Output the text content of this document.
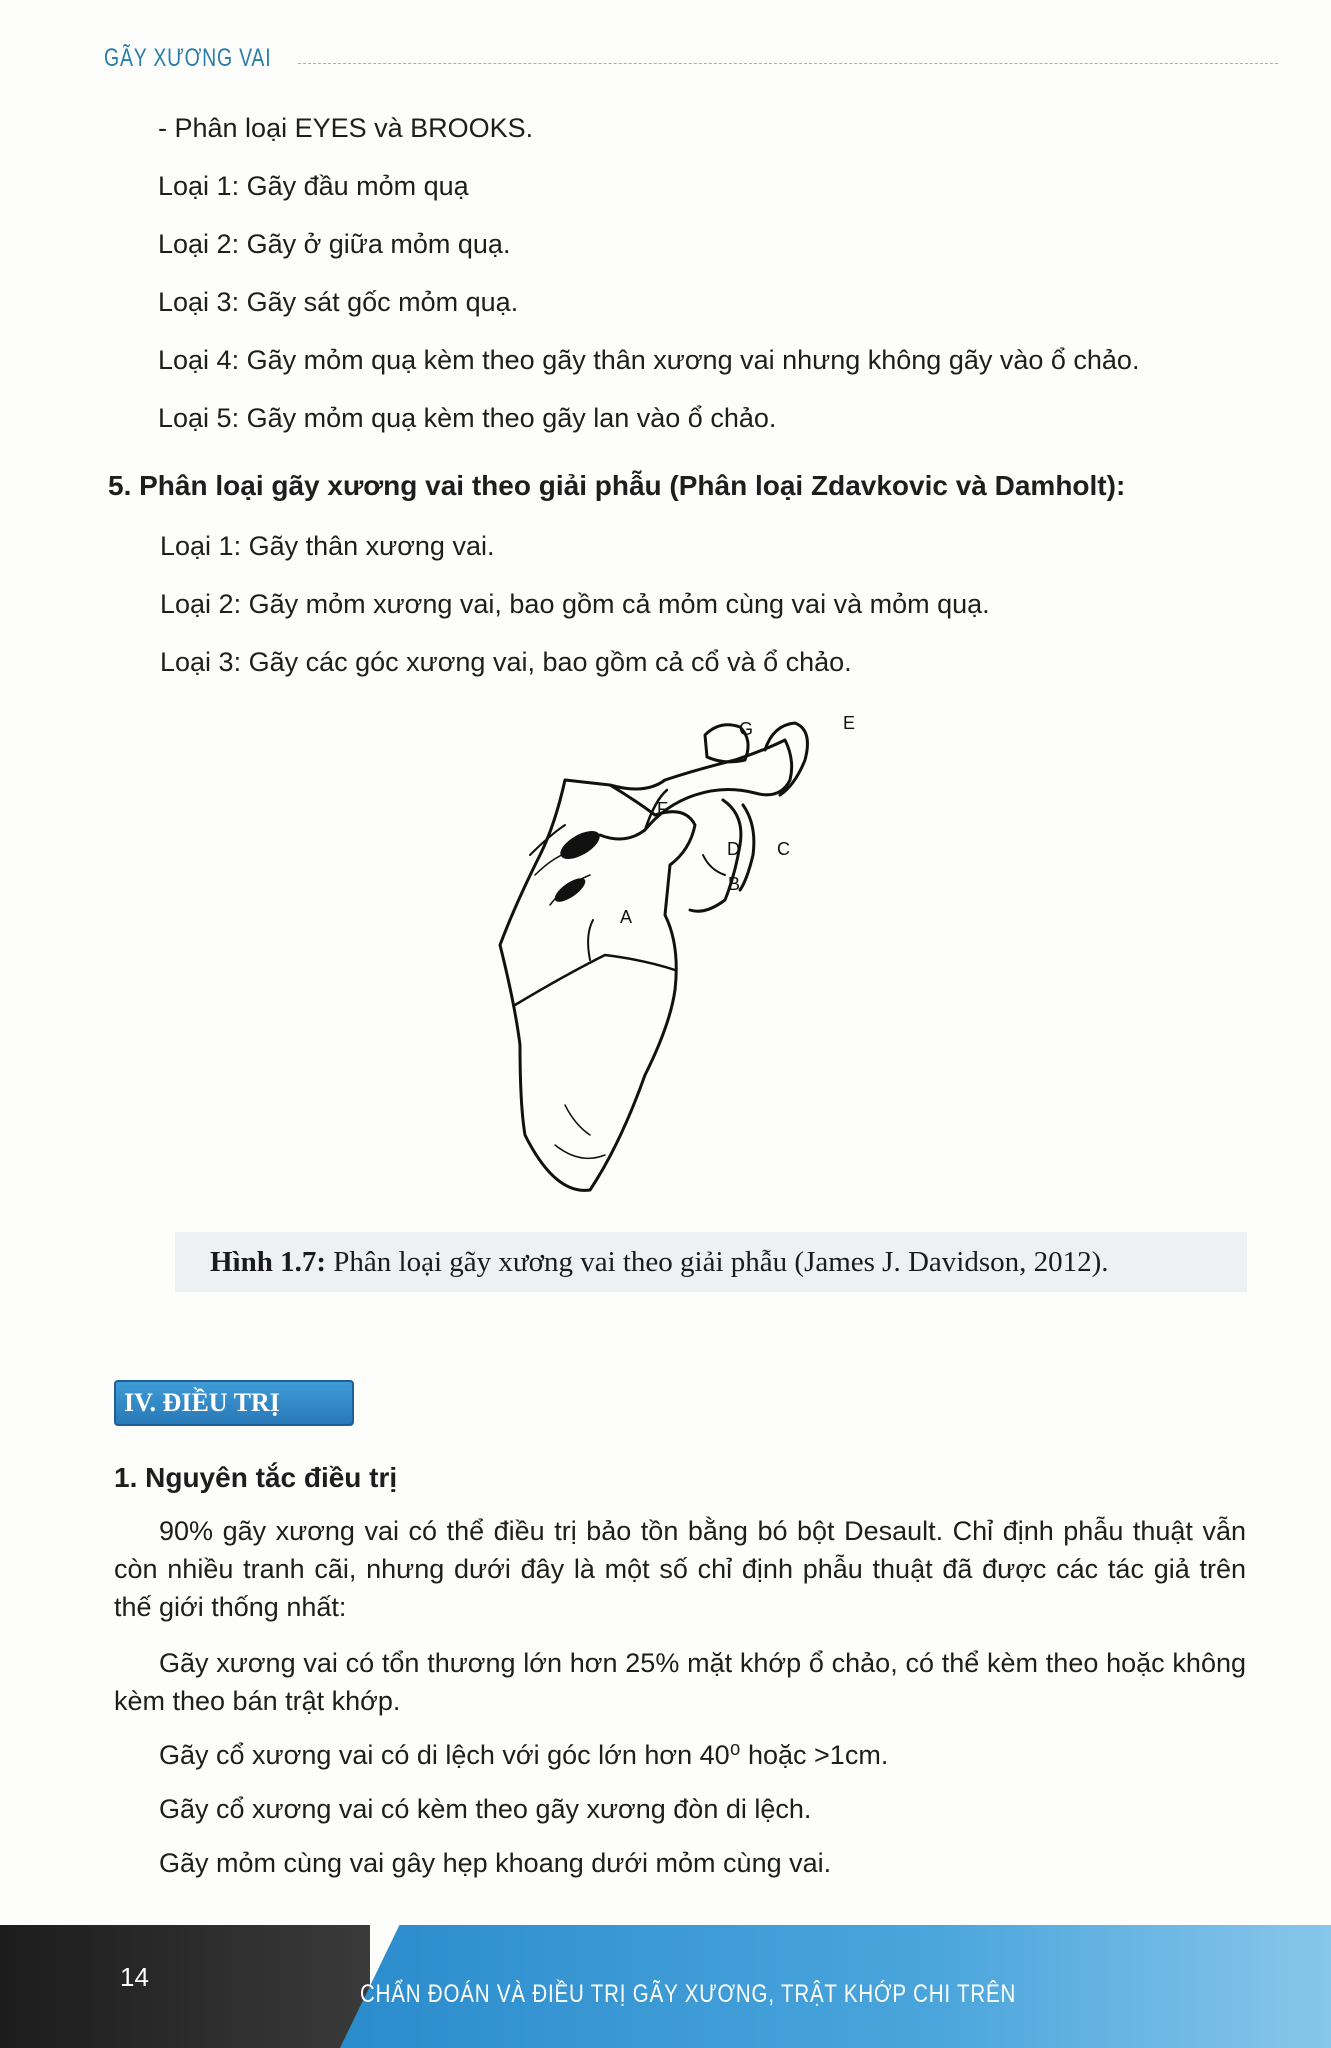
GÃY XƯƠNG VAI
- Phân loại EYES và BROOKS.
Loại 1: Gãy đầu mỏm quạ
Loại 2: Gãy ở giữa mỏm quạ.
Loại 3: Gãy sát gốc mỏm quạ.
Loại 4: Gãy mỏm quạ kèm theo gãy thân xương vai nhưng không gãy vào ổ chảo.
Loại 5: Gãy mỏm quạ kèm theo gãy lan vào ổ chảo.
5. Phân loại gãy xương vai theo giải phẫu (Phân loại Zdavkovic và Damholt):
Loại 1: Gãy thân xương vai.
Loại 2: Gãy mỏm xương vai, bao gồm cả mỏm cùng vai và mỏm quạ.
Loại 3: Gãy các góc xương vai, bao gồm cả cổ và ổ chảo.
A
B
C
D
E
F
G
Hình 1.7: Phân loại gãy xương vai theo giải phẫu (James J. Davidson, 2012).
IV. ĐIỀU TRỊ
1. Nguyên tắc điều trị
90% gãy xương vai có thể điều trị bảo tồn bằng bó bột Desault. Chỉ định phẫu thuật vẫn còn nhiều tranh cãi, nhưng dưới đây là một số chỉ định phẫu thuật đã được các tác giả trên thế giới thống nhất:
Gãy xương vai có tổn thương lớn hơn 25% mặt khớp ổ chảo, có thể kèm theo hoặc không kèm theo bán trật khớp.
Gãy cổ xương vai có di lệch với góc lớn hơn 40⁰ hoặc >1cm.
Gãy cổ xương vai có kèm theo gãy xương đòn di lệch.
Gãy mỏm cùng vai gây hẹp khoang dưới mỏm cùng vai.
14
CHẨN ĐOÁN VÀ ĐIỀU TRỊ GÃY XƯƠNG, TRẬT KHỚP CHI TRÊN
